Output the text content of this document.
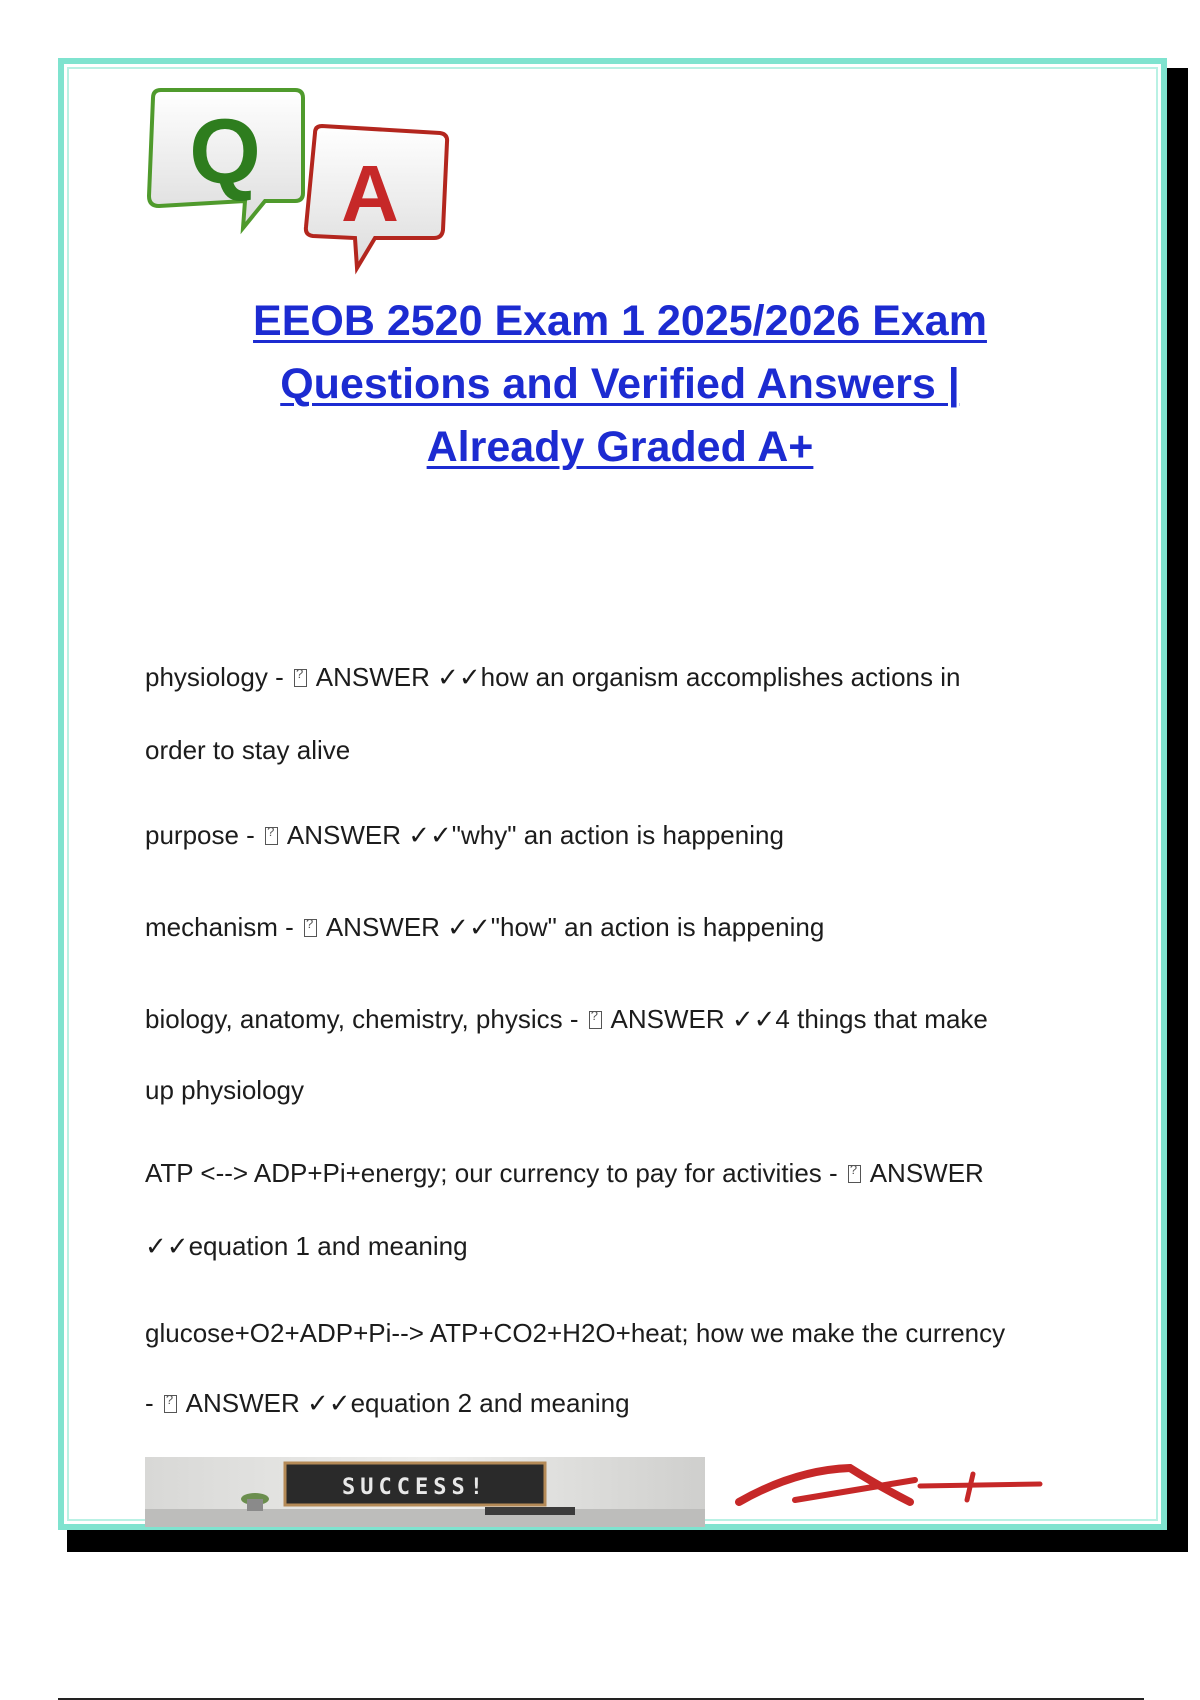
A
Q
EEOB 2520 Exam 1 2025/2026 Exam
Questions and Verified Answers |
Already Graded A+
physiology - ? ANSWER ✓✓how an organism accomplishes actions in
order to stay alive
purpose - ? ANSWER ✓✓"why" an action is happening
mechanism - ? ANSWER ✓✓"how" an action is happening
biology, anatomy, chemistry, physics - ? ANSWER ✓✓4 things that make
up physiology
ATP <--> ADP+Pi+energy; our currency to pay for activities - ? ANSWER
✓✓equation 1 and meaning
glucose+O2+ADP+Pi--> ATP+CO2+H2O+heat; how we make the currency
- ? ANSWER ✓✓equation 2 and meaning
SUCCESS!
A+
